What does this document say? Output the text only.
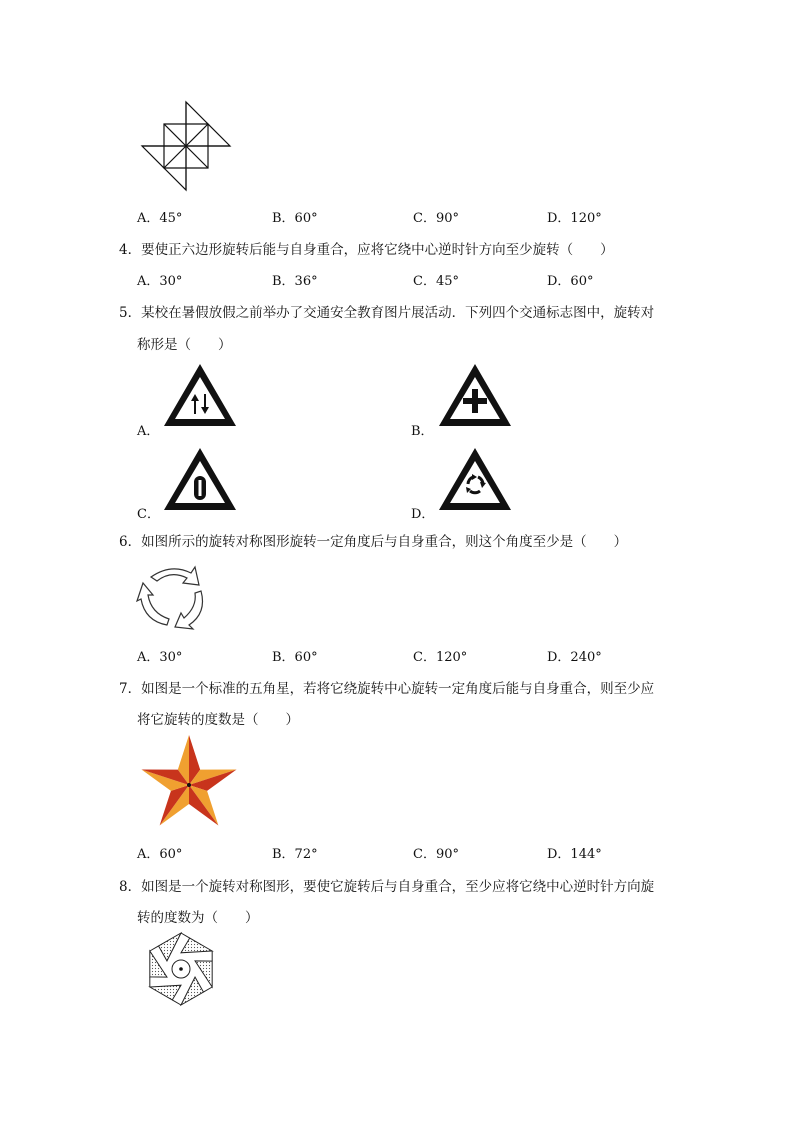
A．45°	B．60°	C．90°	D．120°
4．要使正六边形旋转后能与自身重合，应将它绕中心逆时针方向至少旋转（　　）
A．30°	B．36°	C．45°	D．60°
5．某校在暑假放假之前举办了交通安全教育图片展活动．下列四个交通标志图中，旋转对
称形是（　　）
A．	B．
C．	D．
6．如图所示的旋转对称图形旋转一定角度后与自身重合，则这个角度至少是（　　）
A．30°	B．60°	C．120°	D．240°
7．如图是一个标准的五角星，若将它绕旋转中心旋转一定角度后能与自身重合，则至少应
将它旋转的度数是（　　）
A．60°	B．72°	C．90°	D．144°
8．如图是一个旋转对称图形，要使它旋转后与自身重合，至少应将它绕中心逆时针方向旋
转的度数为（　　）
